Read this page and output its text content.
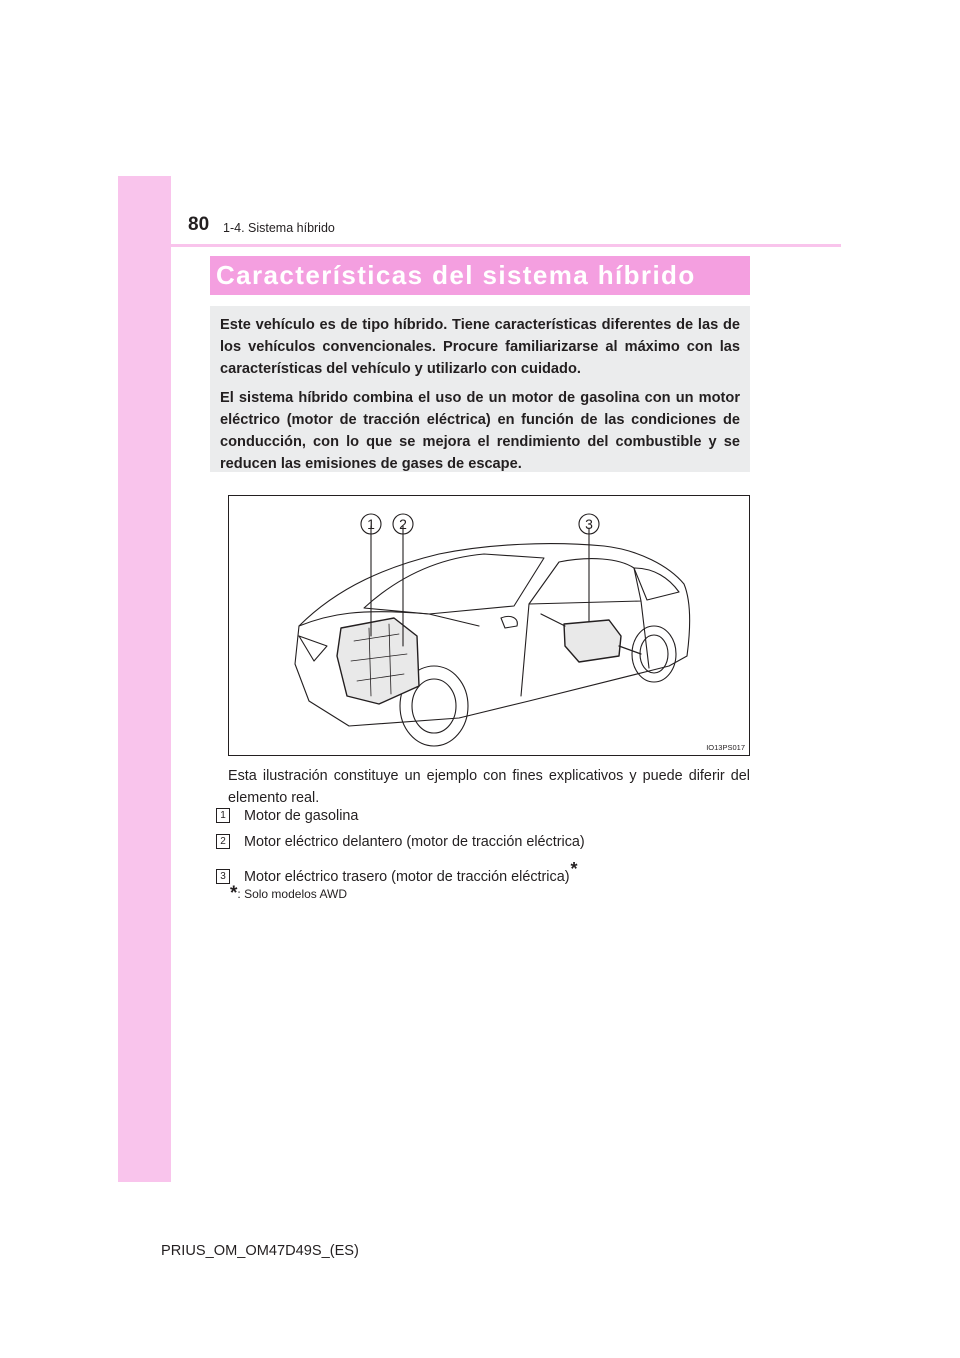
80 1-4. Sistema híbrido
Características del sistema híbrido

Este vehículo es de tipo híbrido. Tiene características diferentes de las de los vehículos convencionales. Procure familiarizarse al máximo con las características del vehículo y utilizarlo con cuidado.

El sistema híbrido combina el uso de un motor de gasolina con un motor eléctrico (motor de tracción eléctrica) en función de las condiciones de conducción, con lo que se mejora el rendimiento del combustible y se reducen las emisiones de gases de escape.

1 2	3
IO13PS017

Esta ilustración constituye un ejemplo con fines explicativos y puede diferir del elemento real.

1 Motor de gasolina
2 Motor eléctrico delantero (motor de tracción eléctrica)
3 Motor eléctrico trasero (motor de tracción eléctrica)*
*: Solo modelos AWD
PRIUS_OM_OM47D49S_(ES)
